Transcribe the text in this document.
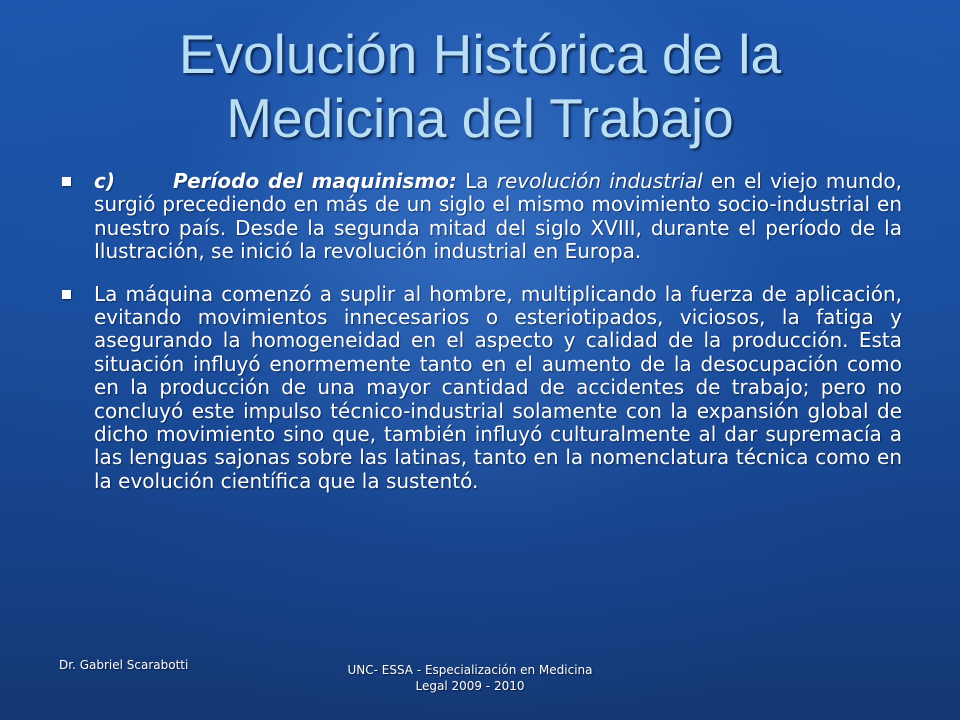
Evolución Histórica de la
Medicina del Trabajo
c)	Período del maquinismo: La revolución industrial en el viejo mundo, surgió precediendo en más de un siglo el mismo movimiento socio-industrial en nuestro país. Desde la segunda mitad del siglo XVIII, durante el período de la Ilustración, se inició la revolución industrial en Europa.
La máquina comenzó a suplir al hombre, multiplicando la fuerza de aplicación, evitando movimientos innecesarios o esteriotipados, viciosos, la fatiga y asegurando la homogeneidad en el aspecto y calidad de la producción. Esta situación influyó enormemente tanto en el aumento de la desocupación como en la producción de una mayor cantidad de accidentes de trabajo; pero no concluyó este impulso técnico-industrial solamente con la expansión global de dicho movimiento sino que, también influyó culturalmente al dar supremacía a las lenguas sajonas sobre las latinas, tanto en la nomenclatura técnica como en la evolución científica que la sustentó.
Dr. Gabriel Scarabotti	UNC- ESSA - Especialización en Medicina
Legal 2009 - 2010
